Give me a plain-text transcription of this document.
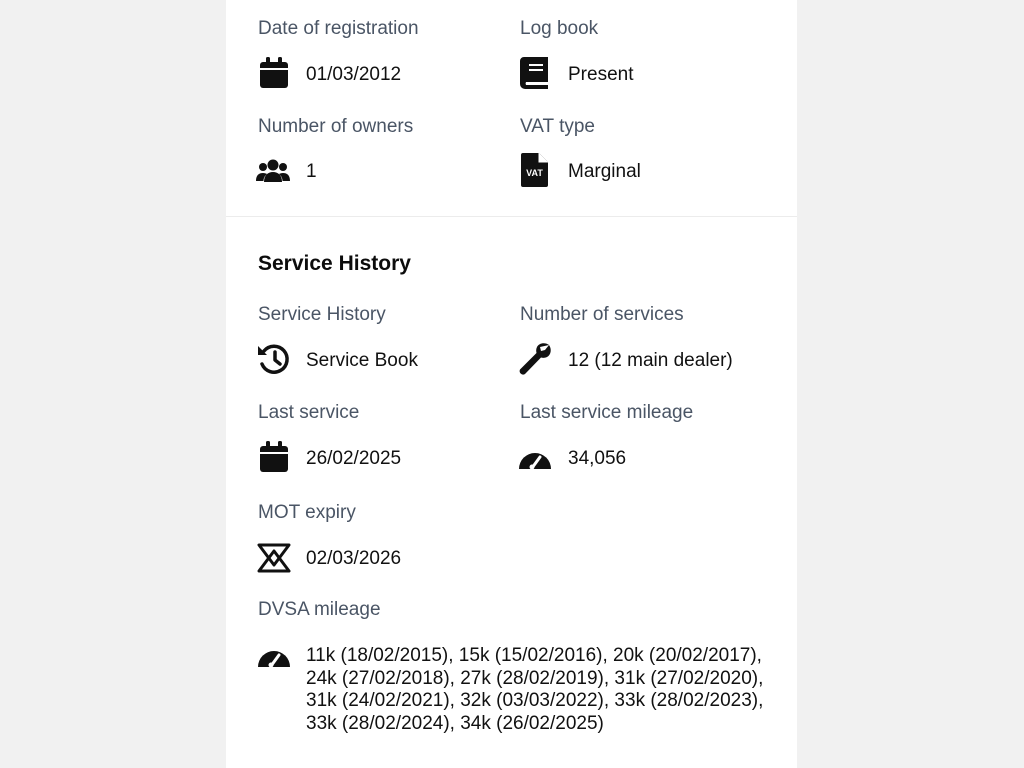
Date of registration
01/03/2012
Log book
Present
Number of owners
1
VAT type
VAT Marginal
Service History
Service History
Service Book
Number of services
12 (12 main dealer)
Last service
26/02/2025
Last service mileage
34,056
MOT expiry
02/03/2026
DVSA mileage
11k (18/02/2015), 15k (15/02/2016), 20k (20/02/2017), 24k (27/02/2018), 27k (28/02/2019), 31k (27/02/2020), 31k (24/02/2021), 32k (03/03/2022), 33k (28/02/2023), 33k (28/02/2024), 34k (26/02/2025)
